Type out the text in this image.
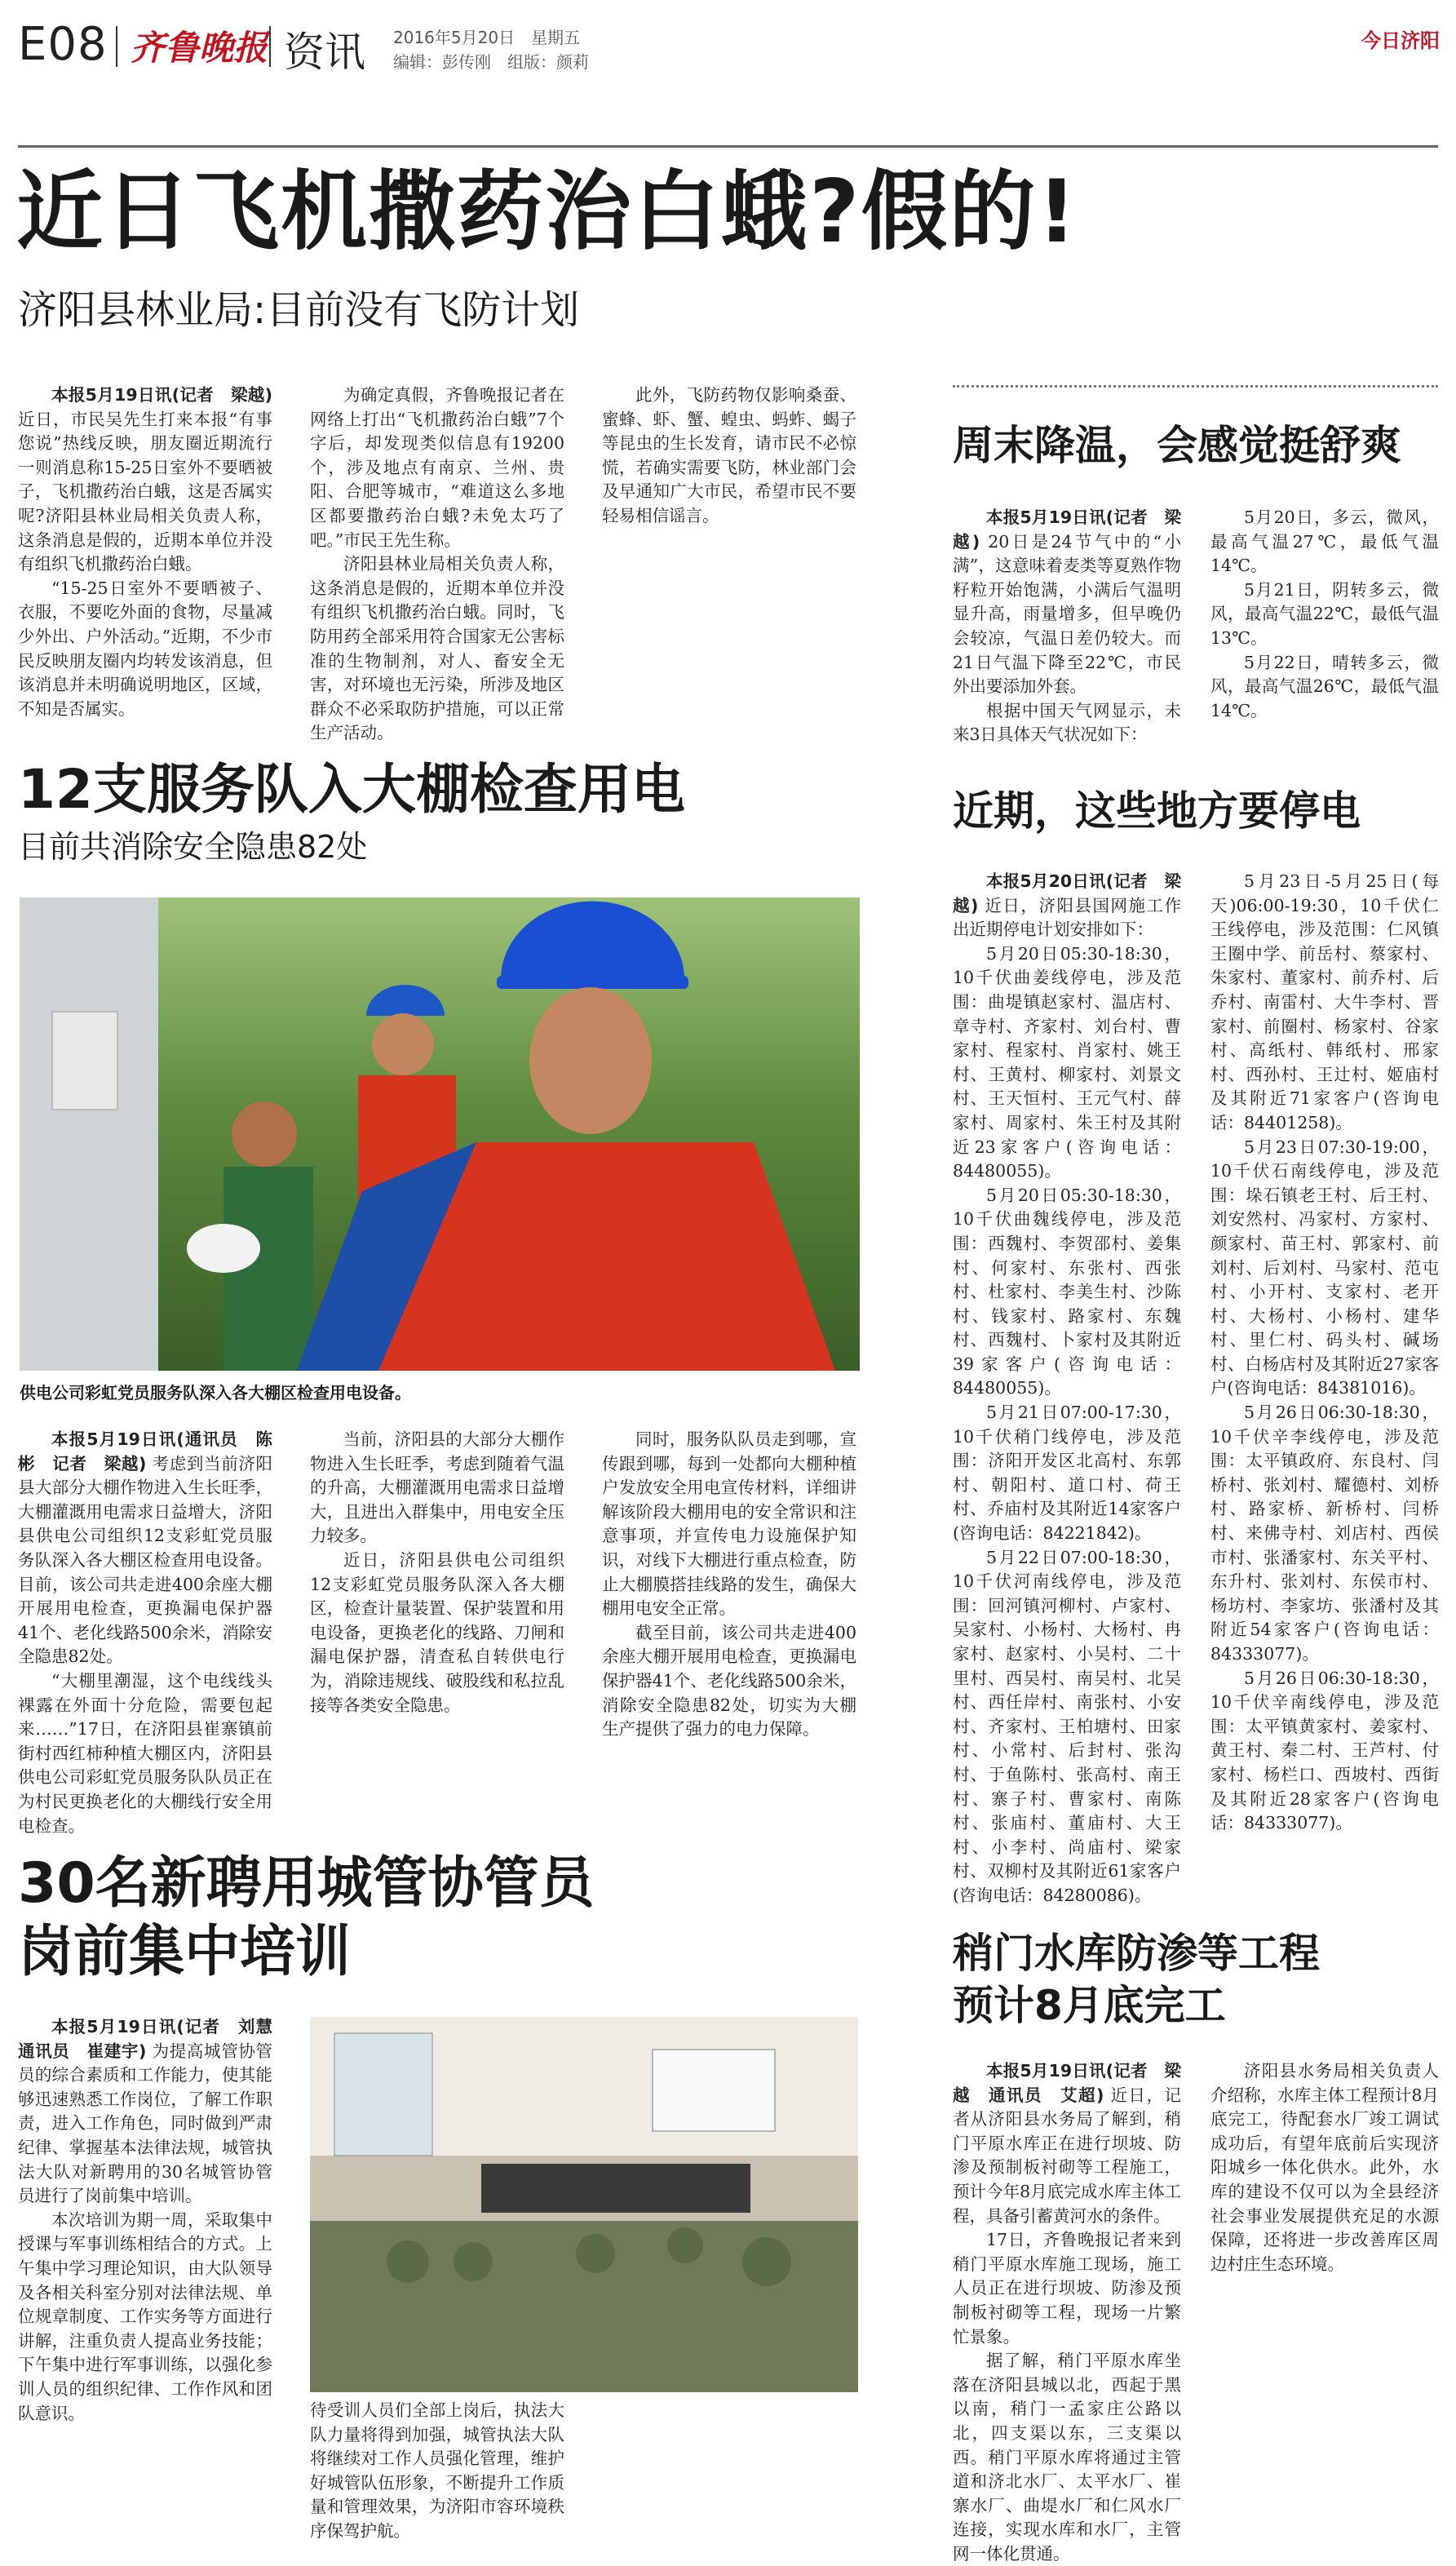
E08 齐鲁晚报 资讯 2016年5月20日　星期五
编辑：彭传刚　组版：颜莉
今日济阳
近日飞机撒药治白蛾?假的!
济阳县林业局:目前没有飞防计划

本报5月19日讯(记者　梁越) 近日，市民吴先生打来本报“有事您说”热线反映，朋友圈近期流行一则消息称15-25日室外不要晒被子，飞机撒药治白蛾，这是否属实呢?济阳县林业局相关负责人称，这条消息是假的，近期本单位并没有组织飞机撒药治白蛾。

“15-25日室外不要晒被子、衣服，不要吃外面的食物，尽量减少外出、户外活动。”近期，不少市民反映朋友圈内均转发该消息，但该消息并未明确说明地区，区域，不知是否属实。

为确定真假，齐鲁晚报记者在网络上打出“飞机撒药治白蛾”7个字后，却发现类似信息有19200个，涉及地点有南京、兰州、贵阳、合肥等城市，“难道这么多地区都要撒药治白蛾?未免太巧了吧。”市民王先生称。

济阳县林业局相关负责人称，这条消息是假的，近期本单位并没有组织飞机撒药治白蛾。同时，飞防用药全部采用符合国家无公害标准的生物制剂，对人、畜安全无害，对环境也无污染，所涉及地区群众不必采取防护措施，可以正常生产活动。

此外，飞防药物仅影响桑蚕、蜜蜂、虾、蟹、蝗虫、蚂蚱、蝎子等昆虫的生长发育，请市民不必惊慌，若确实需要飞防，林业部门会及早通知广大市民，希望市民不要轻易相信谣言。

12支服务队入大棚检查用电
目前共消除安全隐患82处
供电公司彩虹党员服务队深入各大棚区检查用电设备。

本报5月19日讯(通讯员　陈彬　记者　梁越) 考虑到当前济阳县大部分大棚作物进入生长旺季，大棚灌溉用电需求日益增大，济阳县供电公司组织12支彩虹党员服务队深入各大棚区检查用电设备。目前，该公司共走进400余座大棚开展用电检查，更换漏电保护器41个、老化线路500余米，消除安全隐患82处。

“大棚里潮湿，这个电线线头裸露在外面十分危险，需要包起来……”17日，在济阳县崔寨镇前街村西红柿种植大棚区内，济阳县供电公司彩虹党员服务队队员正在为村民更换老化的大棚线行安全用电检查。

当前，济阳县的大部分大棚作物进入生长旺季，考虑到随着气温的升高，大棚灌溉用电需求日益增大，且进出入群集中，用电安全压力较多。

近日，济阳县供电公司组织12支彩虹党员服务队深入各大棚区，检查计量装置、保护装置和用电设备，更换老化的线路、刀闸和漏电保护器，清查私自转供电行为，消除违规线、破股线和私拉乱接等各类安全隐患。

同时，服务队队员走到哪，宣传跟到哪，每到一处都向大棚种植户发放安全用电宣传材料，详细讲解该阶段大棚用电的安全常识和注意事项，并宣传电力设施保护知识，对线下大棚进行重点检查，防止大棚膜搭挂线路的发生，确保大棚用电安全正常。

截至目前，该公司共走进400余座大棚开展用电检查，更换漏电保护器41个、老化线路500余米，消除安全隐患82处，切实为大棚生产提供了强力的电力保障。

30名新聘用城管协管员
岗前集中培训

本报5月19日讯(记者　刘慧　通讯员　崔建宇) 为提高城管协管员的综合素质和工作能力，使其能够迅速熟悉工作岗位，了解工作职责，进入工作角色，同时做到严肃纪律、掌握基本法律法规，城管执法大队对新聘用的30名城管协管员进行了岗前集中培训。

本次培训为期一周，采取集中授课与军事训练相结合的方式。上午集中学习理论知识，由大队领导及各相关科室分别对法律法规、单位规章制度、工作实务等方面进行讲解，注重负责人提高业务技能；下午集中进行军事训练，以强化参训人员的组织纪律、工作作风和团队意识。	待受训人员们全部上岗后，执法大队力量将得到加强，城管执法大队将继续对工作人员强化管理，维护好城管队伍形象，不断提升工作质量和管理效果，为济阳市容环境秩序保驾护航。

周末降温，会感觉挺舒爽

本报5月19日讯(记者　梁越) 20日是24节气中的“小满”，这意味着麦类等夏熟作物籽粒开始饱满，小满后气温明显升高，雨量增多，但早晚仍会较凉，气温日差仍较大。而21日气温下降至22℃，市民外出要添加外套。

根据中国天气网显示，未来3日具体天气状况如下：

5月20日，多云，微风，最高气温27℃，最低气温14℃。

5月21日，阴转多云，微风，最高气温22℃，最低气温13℃。

5月22日，晴转多云，微风，最高气温26℃，最低气温14℃。

近期，这些地方要停电

本报5月20日讯(记者　梁越) 近日，济阳县国网施工作出近期停电计划安排如下：

5月20日05:30-18:30，10千伏曲姜线停电，涉及范围：曲堤镇赵家村、温店村、章寺村、齐家村、刘台村、曹家村、程家村、肖家村、姚王村、王黄村、柳家村、刘景文村、王天恒村、王元气村、薛家村、周家村、朱王村及其附近23家客户(咨询电话：84480055)。

5月20日05:30-18:30，10千伏曲魏线停电，涉及范围：西魏村、李贺邵村、姜集村、何家村、东张村、西张村、杜家村、李美生村、沙陈村、钱家村、路家村、东魏村、西魏村、卜家村及其附近39家客户(咨询电话：84480055)。

5月21日07:00-17:30，10千伏稍门线停电，涉及范围：济阳开发区北高村、东郭村、朝阳村、道口村、荷王村、乔庙村及其附近14家客户(咨询电话：84221842)。

5月22日07:00-18:30，10千伏河南线停电，涉及范围：回河镇河柳村、卢家村、吴家村、小杨村、大杨村、冉家村、赵家村、小吴村、二十里村、西吴村、南吴村、北吴村、西任岸村、南张村、小安村、齐家村、王柏塘村、田家村、小常村、后封村、张沟村、于鱼陈村、张高村、南王村、寨子村、曹家村、南陈村、张庙村、董庙村、大王村、小李村、尚庙村、梁家村、双柳村及其附近61家客户(咨询电话：84280086)。

5月23日-5月25日(每天)06:00-19:30，10千伏仁王线停电，涉及范围：仁风镇王圈中学、前岳村、蔡家村、朱家村、董家村、前乔村、后乔村、南雷村、大牛李村、晋家村、前圈村、杨家村、谷家村、高纸村、韩纸村、邢家村、西孙村、王辻村、姬庙村及其附近71家客户(咨询电话：84401258)。

5月23日07:30-19:00，10千伏石南线停电，涉及范围：垛石镇老王村、后王村、刘安然村、冯家村、方家村、颜家村、苗王村、郭家村、前刘村、后刘村、马家村、范屯村、小开村、支家村、老开村、大杨村、小杨村、建华村、里仁村、码头村、碱场村、白杨店村及其附近27家客户(咨询电话：84381016)。

5月26日06:30-18:30，10千伏辛李线停电，涉及范围：太平镇政府、东良村、闫桥村、张刘村、耀德村、刘桥村、路家桥、新桥村、闫桥村、来佛寺村、刘店村、西侯市村、张潘家村、东关平村、东升村、张刘村、东侯市村、杨坊村、李家坊、张潘村及其附近54家客户(咨询电话：84333077)。

5月26日06:30-18:30，10千伏辛南线停电，涉及范围：太平镇黄家村、姜家村、黄王村、秦二村、王芦村、付家村、杨栏口、西坡村、西街及其附近28家客户(咨询电话：84333077)。

稍门水库防渗等工程
预计8月底完工

本报5月19日讯(记者　梁越　通讯员　艾超) 近日，记者从济阳县水务局了解到，稍门平原水库正在进行坝坡、防渗及预制板衬砌等工程施工，预计今年8月底完成水库主体工程，具备引蓄黄河水的条件。

17日，齐鲁晚报记者来到稍门平原水库施工现场，施工人员正在进行坝坡、防渗及预制板衬砌等工程，现场一片繁忙景象。

据了解，稍门平原水库坐落在济阳县城以北，西起于黑以南，稍门一孟家庄公路以北，四支渠以东，三支渠以西。稍门平原水库将通过主管道和济北水厂、太平水厂、崔寨水厂、曲堤水厂和仁风水厂连接，实现水库和水厂，主管网一体化贯通。

济阳县水务局相关负责人介绍称，水库主体工程预计8月底完工，待配套水厂竣工调试成功后，有望年底前后实现济阳城乡一体化供水。此外，水库的建设不仅可以为全县经济社会事业发展提供充足的水源保障，还将进一步改善库区周边村庄生态环境。
